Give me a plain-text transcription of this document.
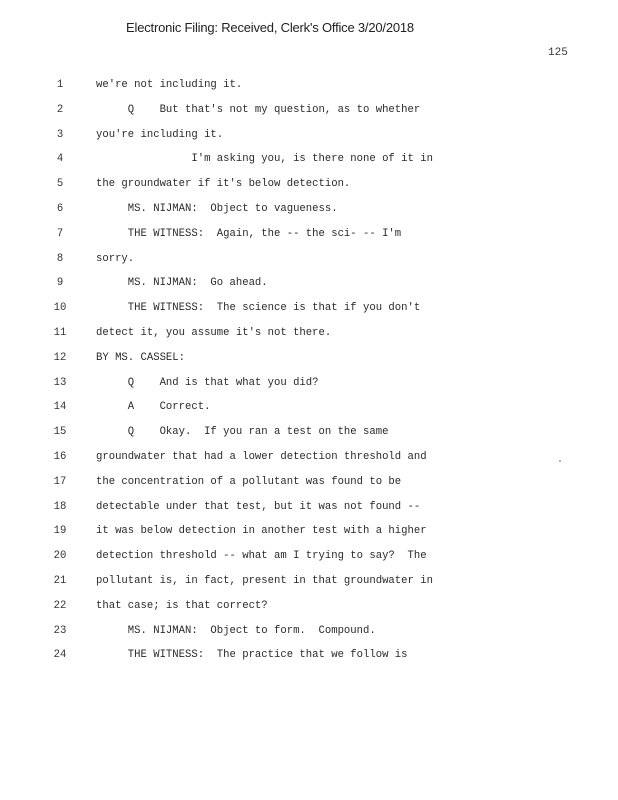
Electronic Filing: Received, Clerk's Office 3/20/2018
125
1	we're not including it.
2	Q    But that's not my question, as to whether
3	you're including it.
4	I'm asking you, is there none of it in
5	the groundwater if it's below detection.
6	MS. NIJMAN:  Object to vagueness.
7	THE WITNESS:  Again, the -- the sci- -- I'm
8	sorry.
9	MS. NIJMAN:  Go ahead.
10	THE WITNESS:  The science is that if you don't
11	detect it, you assume it's not there.
12	BY MS. CASSEL:
13	Q    And is that what you did?
14	A    Correct.
15	Q    Okay.  If you ran a test on the same
16	groundwater that had a lower detection threshold and
17	the concentration of a pollutant was found to be
18	detectable under that test, but it was not found --
19	it was below detection in another test with a higher
20	detection threshold -- what am I trying to say?  The
21	pollutant is, in fact, present in that groundwater in
22	that case; is that correct?
23	MS. NIJMAN:  Object to form.  Compound.
24	THE WITNESS:  The practice that we follow is
